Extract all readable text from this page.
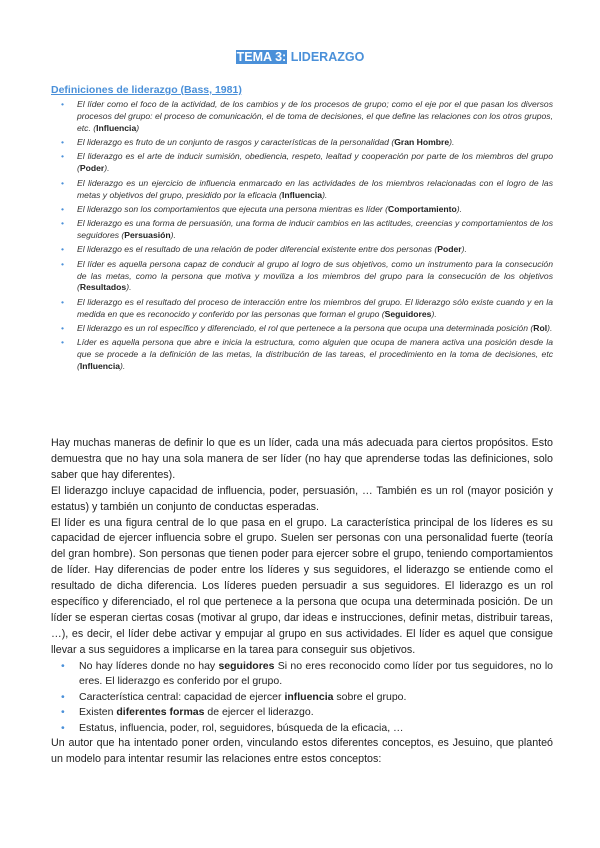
TEMA 3: LIDERAZGO
Definiciones de liderazgo (Bass, 1981)
• El líder como el foco de la actividad, de los cambios y de los procesos de grupo; como el eje por el que pasan los diversos procesos del grupo: el proceso de comunicación, el de toma de decisiones, el que define las relaciones con los otros grupos, etc. (Influencia)
• El liderazgo es fruto de un conjunto de rasgos y características de la personalidad (Gran Hombre).
• El liderazgo es el arte de inducir sumisión, obediencia, respeto, lealtad y cooperación por parte de los miembros del grupo (Poder).
• El liderazgo es un ejercicio de influencia enmarcado en las actividades de los miembros relacionadas con el logro de las metas y objetivos del grupo, presidido por la eficacia (Influencia).
• El liderazgo son los comportamientos que ejecuta una persona mientras es líder (Comportamiento).
• El liderazgo es una forma de persuasión, una forma de inducir cambios en las actitudes, creencias y comportamientos de los seguidores (Persuasión).
• El liderazgo es el resultado de una relación de poder diferencial existente entre dos personas (Poder).
• El líder es aquella persona capaz de conducir al grupo al logro de sus objetivos, como un instrumento para la consecución de las metas, como la persona que motiva y moviliza a los miembros del grupo para la consecución de los objetivos (Resultados).
• El liderazgo es el resultado del proceso de interacción entre los miembros del grupo. El liderazgo sólo existe cuando y en la medida en que es reconocido y conferido por las personas que forman el grupo (Seguidores).
• El liderazgo es un rol específico y diferenciado, el rol que pertenece a la persona que ocupa una determinada posición (Rol).
• Líder es aquella persona que abre e inicia la estructura, como alguien que ocupa de manera activa una posición desde la que se procede a la definición de las metas, la distribución de las tareas, el procedimiento en la toma de decisiones, etc (Influencia).

Hay muchas maneras de definir lo que es un líder, cada una más adecuada para ciertos propósitos. Esto demuestra que no hay una sola manera de ser líder (no hay que aprenderse todas las definiciones, solo saber que hay diferentes).

El liderazgo incluye capacidad de influencia, poder, persuasión, … También es un rol (mayor posición y estatus) y también un conjunto de conductas esperadas.

El líder es una figura central de lo que pasa en el grupo. La característica principal de los líderes es su capacidad de ejercer influencia sobre el grupo. Suelen ser personas con una personalidad fuerte (teoría del gran hombre). Son personas que tienen poder para ejercer sobre el grupo, teniendo comportamientos de líder. Hay diferencias de poder entre los líderes y sus seguidores, el liderazgo se entiende como el resultado de dicha diferencia. Los líderes pueden persuadir a sus seguidores. El liderazgo es un rol específico y diferenciado, el rol que pertenece a la persona que ocupa una determinada posición. De un líder se esperan ciertas cosas (motivar al grupo, dar ideas e instrucciones, definir metas, distribuir tareas, …), es decir, el líder debe activar y empujar al grupo en sus actividades. El líder es aquel que consigue llevar a sus seguidores a implicarse en la tarea para conseguir sus objetivos.

• No hay líderes donde no hay seguidores Si no eres reconocido como líder por tus seguidores, no lo eres. El liderazgo es conferido por el grupo.
• Característica central: capacidad de ejercer influencia sobre el grupo.
• Existen diferentes formas de ejercer el liderazgo.
• Estatus, influencia, poder, rol, seguidores, búsqueda de la eficacia, …

Un autor que ha intentado poner orden, vinculando estos diferentes conceptos, es Jesuino, que planteó un modelo para intentar resumir las relaciones entre estos conceptos:
